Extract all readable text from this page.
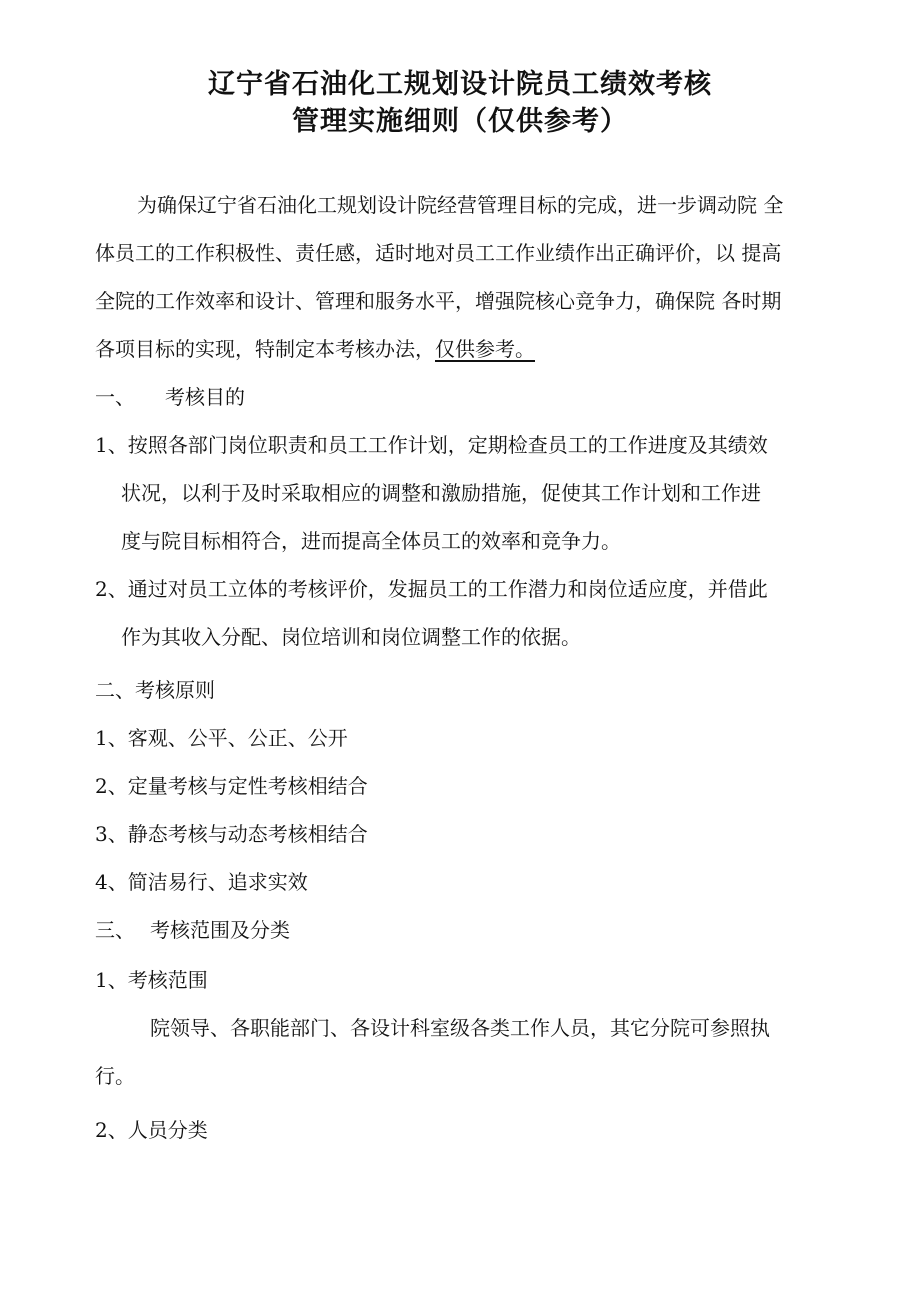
辽宁省石油化工规划设计院员工绩效考核
管理实施细则（仅供参考）
为确保辽宁省石油化工规划设计院经营管理目标的完成，进一步调动院 全
体员工的工作积极性、责任感，适时地对员工工作业绩作出正确评价，以 提高
全院的工作效率和设计、管理和服务水平，增强院核心竞争力，确保院 各时期
各项目标的实现，特制定本考核办法，仅供参考。
一、 考核目的
1、按照各部门岗位职责和员工工作计划，定期检查员工的工作进度及其绩效
状况，以利于及时采取相应的调整和激励措施，促使其工作计划和工作进
度与院目标相符合，进而提高全体员工的效率和竞争力。
2、通过对员工立体的考核评价，发掘员工的工作潜力和岗位适应度，并借此
作为其收入分配、岗位培训和岗位调整工作的依据。
二、考核原则
1、客观、公平、公正、公开
2、定量考核与定性考核相结合
3、静态考核与动态考核相结合
4、简洁易行、追求实效
三、 考核范围及分类
1、考核范围
院领导、各职能部门、各设计科室级各类工作人员，其它分院可参照执
行。
2、人员分类
